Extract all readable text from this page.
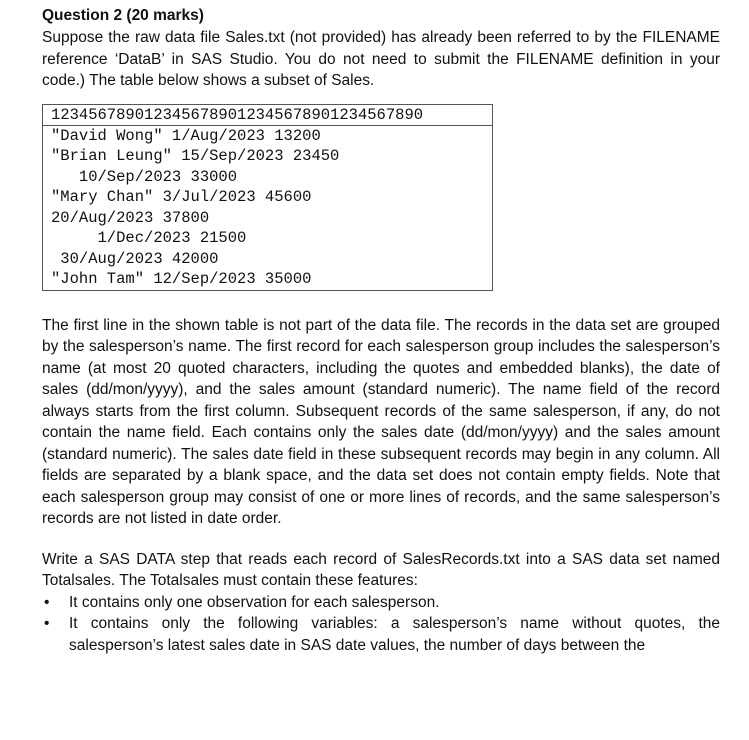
Question 2 (20 marks)

Suppose the raw data file Sales.txt (not provided) has already been referred to by the FILENAME reference ‘DataB’ in SAS Studio. You do not need to submit the FILENAME definition in your code.) The table below shows a subset of Sales.

1234567890123456789012345678901234567890
"David Wong" 1/Aug/2023 13200
"Brian Leung" 15/Sep/2023 23450
10/Sep/2023 33000
"Mary Chan" 3/Jul/2023 45600
20/Aug/2023 37800
1/Dec/2023 21500
30/Aug/2023 42000
"John Tam" 12/Sep/2023 35000

The first line in the shown table is not part of the data file. The records in the data set are grouped by the salesperson’s name. The first record for each salesperson group includes the salesperson’s name (at most 20 quoted characters, including the quotes and embedded blanks), the date of sales (dd/mon/yyyy), and the sales amount (standard numeric). The name field of the record always starts from the first column. Subsequent records of the same salesperson, if any, do not contain the name field. Each contains only the sales date (dd/mon/yyyy) and the sales amount (standard numeric). The sales date field in these subsequent records may begin in any column. All fields are separated by a blank space, and the data set does not contain empty fields. Note that each salesperson group may consist of one or more lines of records, and the same salesperson’s records are not listed in date order.

Write a SAS DATA step that reads each record of SalesRecords.txt into a SAS data set named Totalsales. The Totalsales must contain these features:

• It contains only one observation for each salesperson.
• It contains only the following variables: a salesperson’s name without quotes, the salesperson’s latest sales date in SAS date values, the number of days between the
